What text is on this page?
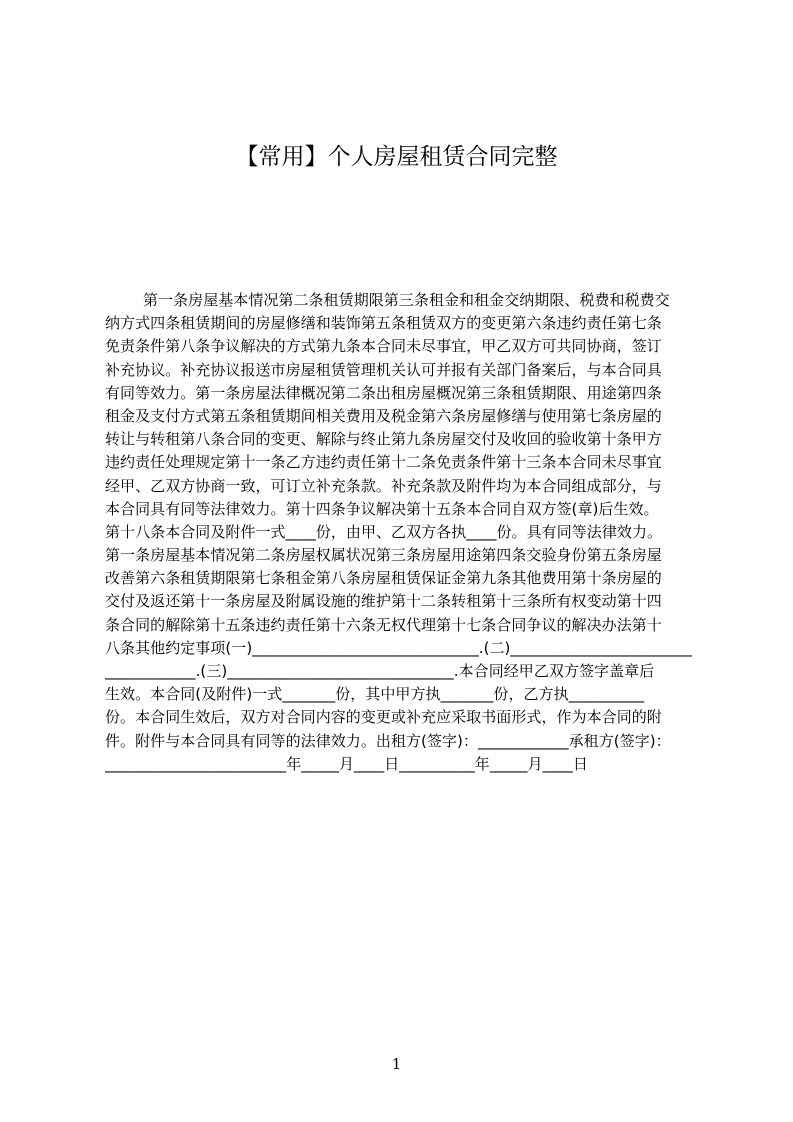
【常用】个人房屋租赁合同完整
第一条房屋基本情况第二条租赁期限第三条租金和租金交纳期限、税费和税费交
纳方式四条租赁期间的房屋修缮和装饰第五条租赁双方的变更第六条违约责任第七条
免责条件第八条争议解决的方式第九条本合同未尽事宜，甲乙双方可共同协商，签订
补充协议。补充协议报送市房屋租赁管理机关认可并报有关部门备案后，与本合同具
有同等效力。第一条房屋法律概况第二条出租房屋概况第三条租赁期限、用途第四条
租金及支付方式第五条租赁期间相关费用及税金第六条房屋修缮与使用第七条房屋的
转让与转租第八条合同的变更、解除与终止第九条房屋交付及收回的验收第十条甲方
违约责任处理规定第十一条乙方违约责任第十二条免责条件第十三条本合同未尽事宜
经甲、乙双方协商一致，可订立补充条款。补充条款及附件均为本合同组成部分，与
本合同具有同等法律效力。第十四条争议解决第十五条本合同自双方签(章)后生效。
第十八条本合同及附件一式____份，由甲、乙双方各执____份。具有同等法律效力。
第一条房屋基本情况第二条房屋权属状况第三条房屋用途第四条交验身份第五条房屋
改善第六条租赁期限第七条租金第八条房屋租赁保证金第九条其他费用第十条房屋的
交付及返还第十一条房屋及附属设施的维护第十二条转租第十三条所有权变动第十四
条合同的解除第十五条违约责任第十六条无权代理第十七条合同争议的解决办法第十
八条其他约定事项(一)______________________________.(二)________________________
____________.(三)______________________________.本合同经甲乙双方签字盖章后
生效。本合同(及附件)一式_______份，其中甲方执_______份，乙方执__________
份。本合同生效后，双方对合同内容的变更或补充应采取书面形式，作为本合同的附
件。附件与本合同具有同等的法律效力。出租方(签字)：____________承租方(签字)：
________________________年_____月____日__________年_____月____日
1
